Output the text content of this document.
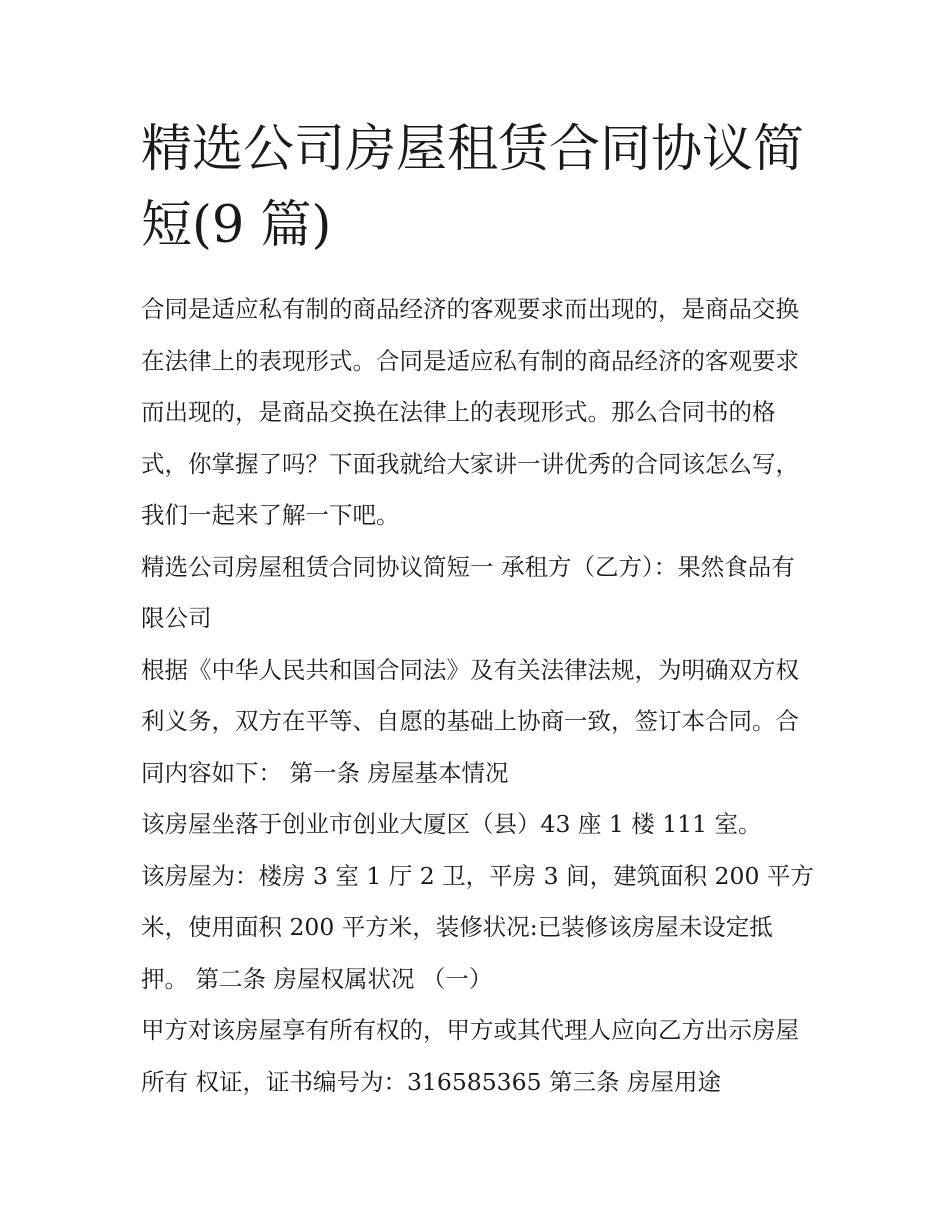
精选公司房屋租赁合同协议简短(9 篇)

合同是适应私有制的商品经济的客观要求而出现的，是商品交换在法律上的表现形式。合同是适应私有制的商品经济的客观要求而出现的，是商品交换在法律上的表现形式。那么合同书的格式，你掌握了吗？下面我就给大家讲一讲优秀的合同该怎么写，我们一起来了解一下吧。

精选公司房屋租赁合同协议简短一 承租方（乙方）：果然食品有限公司

根据《中华人民共和国合同法》及有关法律法规，为明确双方权利义务，双方在平等、自愿的基础上协商一致，签订本合同。合同内容如下： 第一条 房屋基本情况

该房屋坐落于创业市创业大厦区（县）43 座 1 楼 111 室。

该房屋为：楼房 3 室 1 厅 2 卫，平房 3 间，建筑面积 200 平方米，使用面积 200 平方米，装修状况:已装修该房屋未设定抵押。 第二条 房屋权属状况 （一）

甲方对该房屋享有所有权的，甲方或其代理人应向乙方出示房屋所有 权证，证书编号为：316585365 第三条 房屋用途
